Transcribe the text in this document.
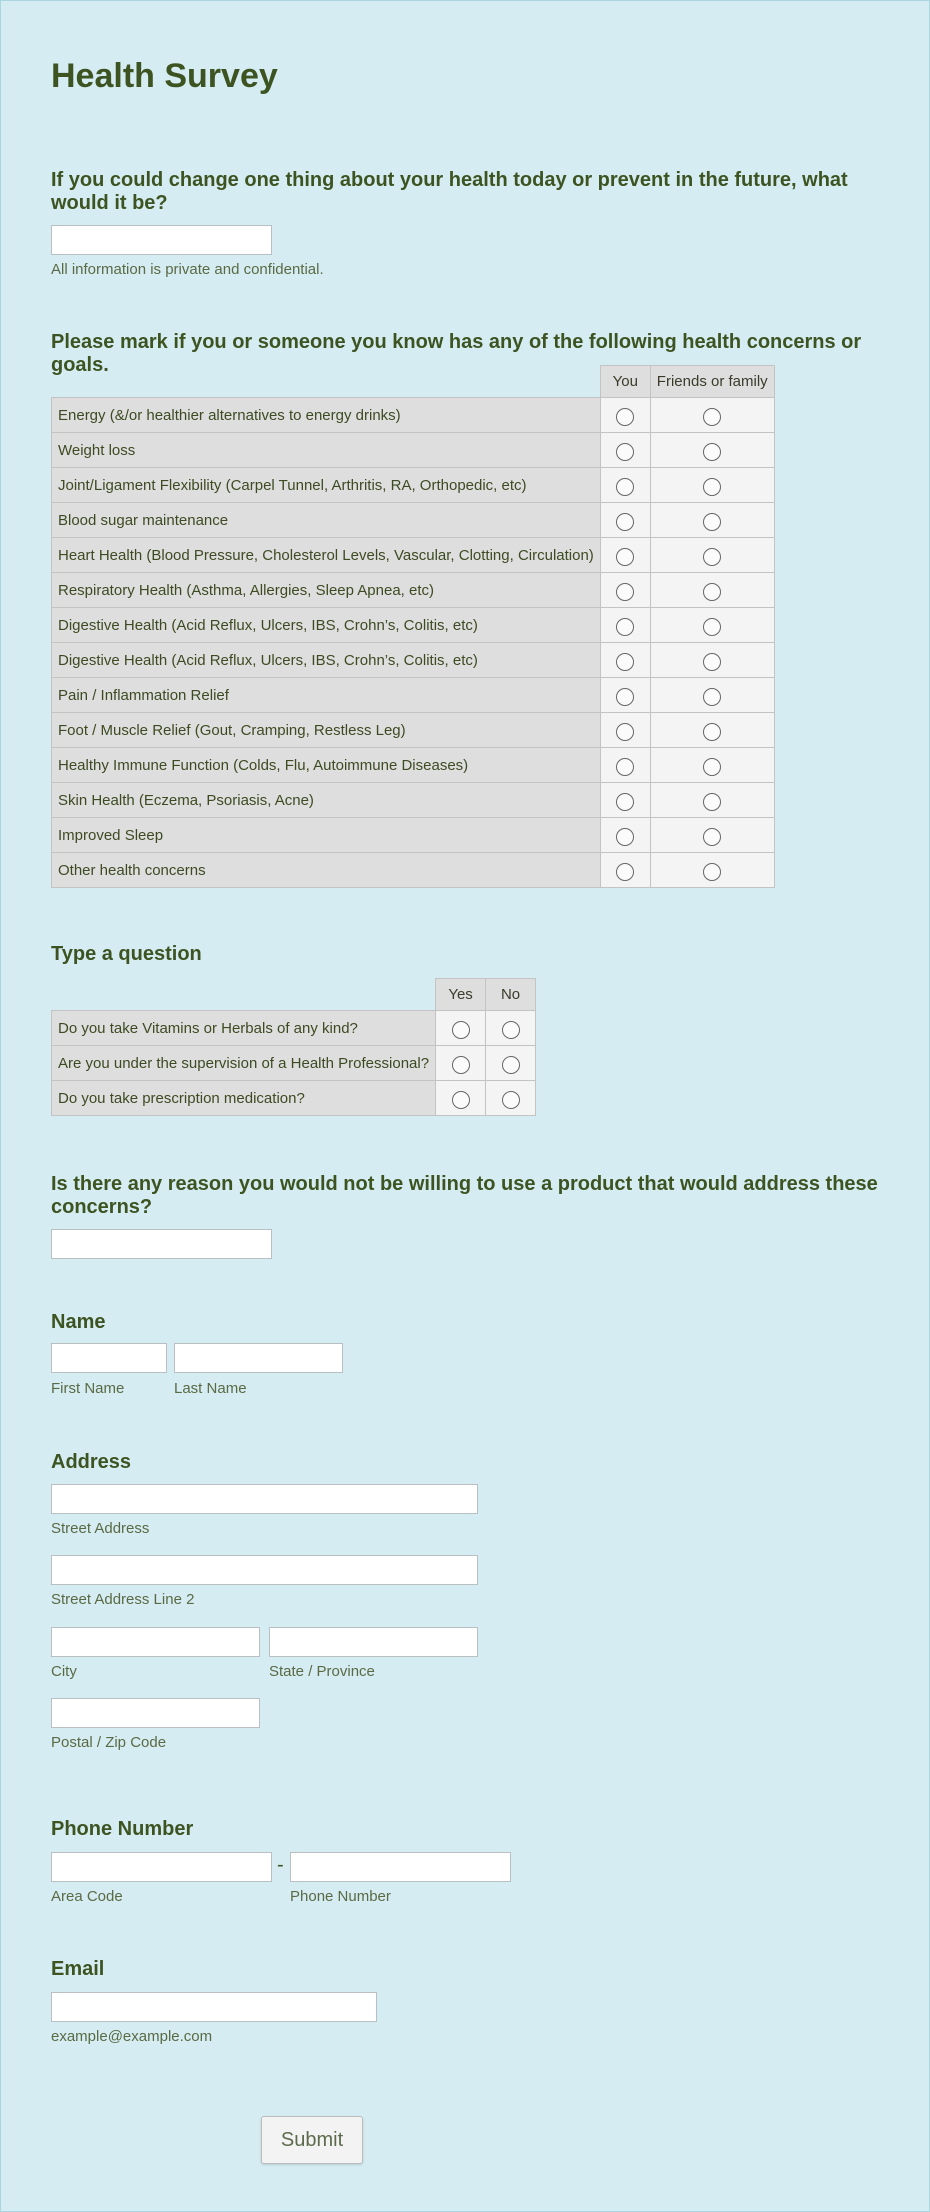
Health Survey
If you could change one thing about your health today or prevent in the future, what would it be?
All information is private and confidential.
Please mark if you or someone you know has any of the following health concerns or goals.
	You	Friends or family
Energy (&/or healthier alternatives to energy drinks)		
Weight loss		
Joint/Ligament Flexibility (Carpel Tunnel, Arthritis, RA, Orthopedic, etc)		
Blood sugar maintenance		
Heart Health (Blood Pressure, Cholesterol Levels, Vascular, Clotting, Circulation)		
Respiratory Health (Asthma, Allergies, Sleep Apnea, etc)		
Digestive Health (Acid Reflux, Ulcers, IBS, Crohn’s, Colitis, etc)		
Digestive Health (Acid Reflux, Ulcers, IBS, Crohn’s, Colitis, etc)		
Pain / Inflammation Relief		
Foot / Muscle Relief (Gout, Cramping, Restless Leg)		
Healthy Immune Function (Colds, Flu, Autoimmune Diseases)		
Skin Health (Eczema, Psoriasis, Acne)		
Improved Sleep		
Other health concerns		
Type a question
	Yes	No
Do you take Vitamins or Herbals of any kind?		
Are you under the supervision of a Health Professional?		
Do you take prescription medication?		
Is there any reason you would not be willing to use a product that would address these concerns?
Name
First Name	Last Name
Address
Street Address
Street Address Line 2
City	State / Province
Postal / Zip Code
Phone Number
-
Area Code	Phone Number
Email
example@example.com
Submit
